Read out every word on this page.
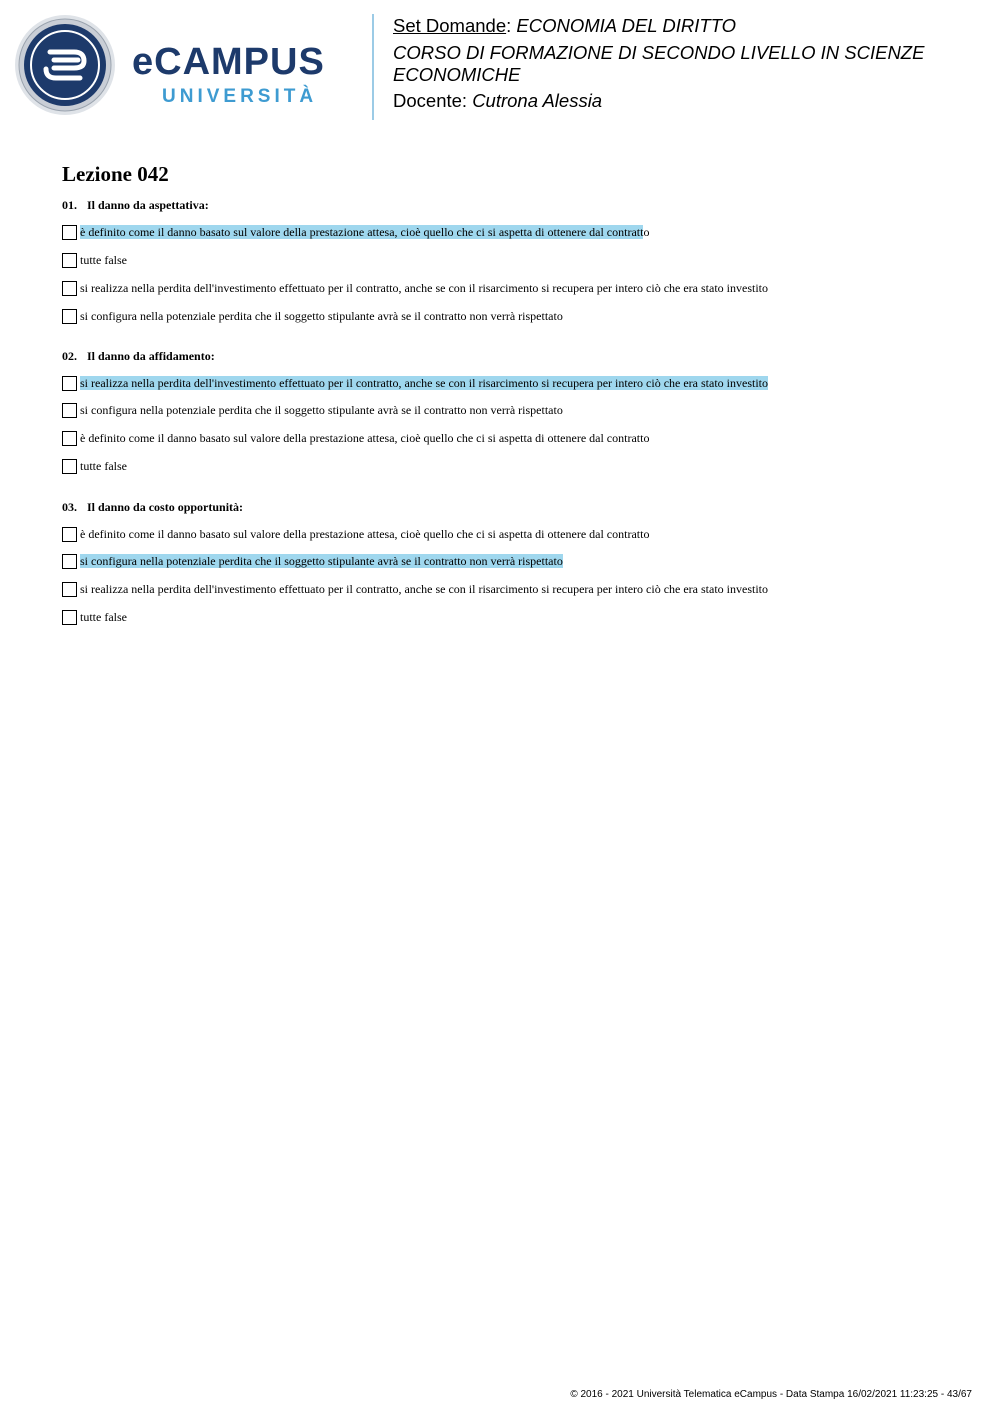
eCAMPUS
UNIVERSITÀ
Set Domande: ECONOMIA DEL DIRITTO
CORSO DI FORMAZIONE DI SECONDO LIVELLO IN SCIENZE ECONOMICHE
Docente: Cutrona Alessia
Lezione 042
01. Il danno da aspettativa:
è definito come il danno basato sul valore della prestazione attesa, cioè quello che ci si aspetta di ottenere dal contratto
tutte false
si realizza nella perdita dell'investimento effettuato per il contratto, anche se con il risarcimento si recupera per intero ciò che era stato investito
si configura nella potenziale perdita che il soggetto stipulante avrà se il contratto non verrà rispettato
02. Il danno da affidamento:
si realizza nella perdita dell'investimento effettuato per il contratto, anche se con il risarcimento si recupera per intero ciò che era stato investito
si configura nella potenziale perdita che il soggetto stipulante avrà se il contratto non verrà rispettato
è definito come il danno basato sul valore della prestazione attesa, cioè quello che ci si aspetta di ottenere dal contratto
tutte false
03. Il danno da costo opportunità:
è definito come il danno basato sul valore della prestazione attesa, cioè quello che ci si aspetta di ottenere dal contratto
si configura nella potenziale perdita che il soggetto stipulante avrà se il contratto non verrà rispettato
si realizza nella perdita dell'investimento effettuato per il contratto, anche se con il risarcimento si recupera per intero ciò che era stato investito
tutte false
© 2016 - 2021 Università Telematica eCampus - Data Stampa 16/02/2021 11:23:25 - 43/67
